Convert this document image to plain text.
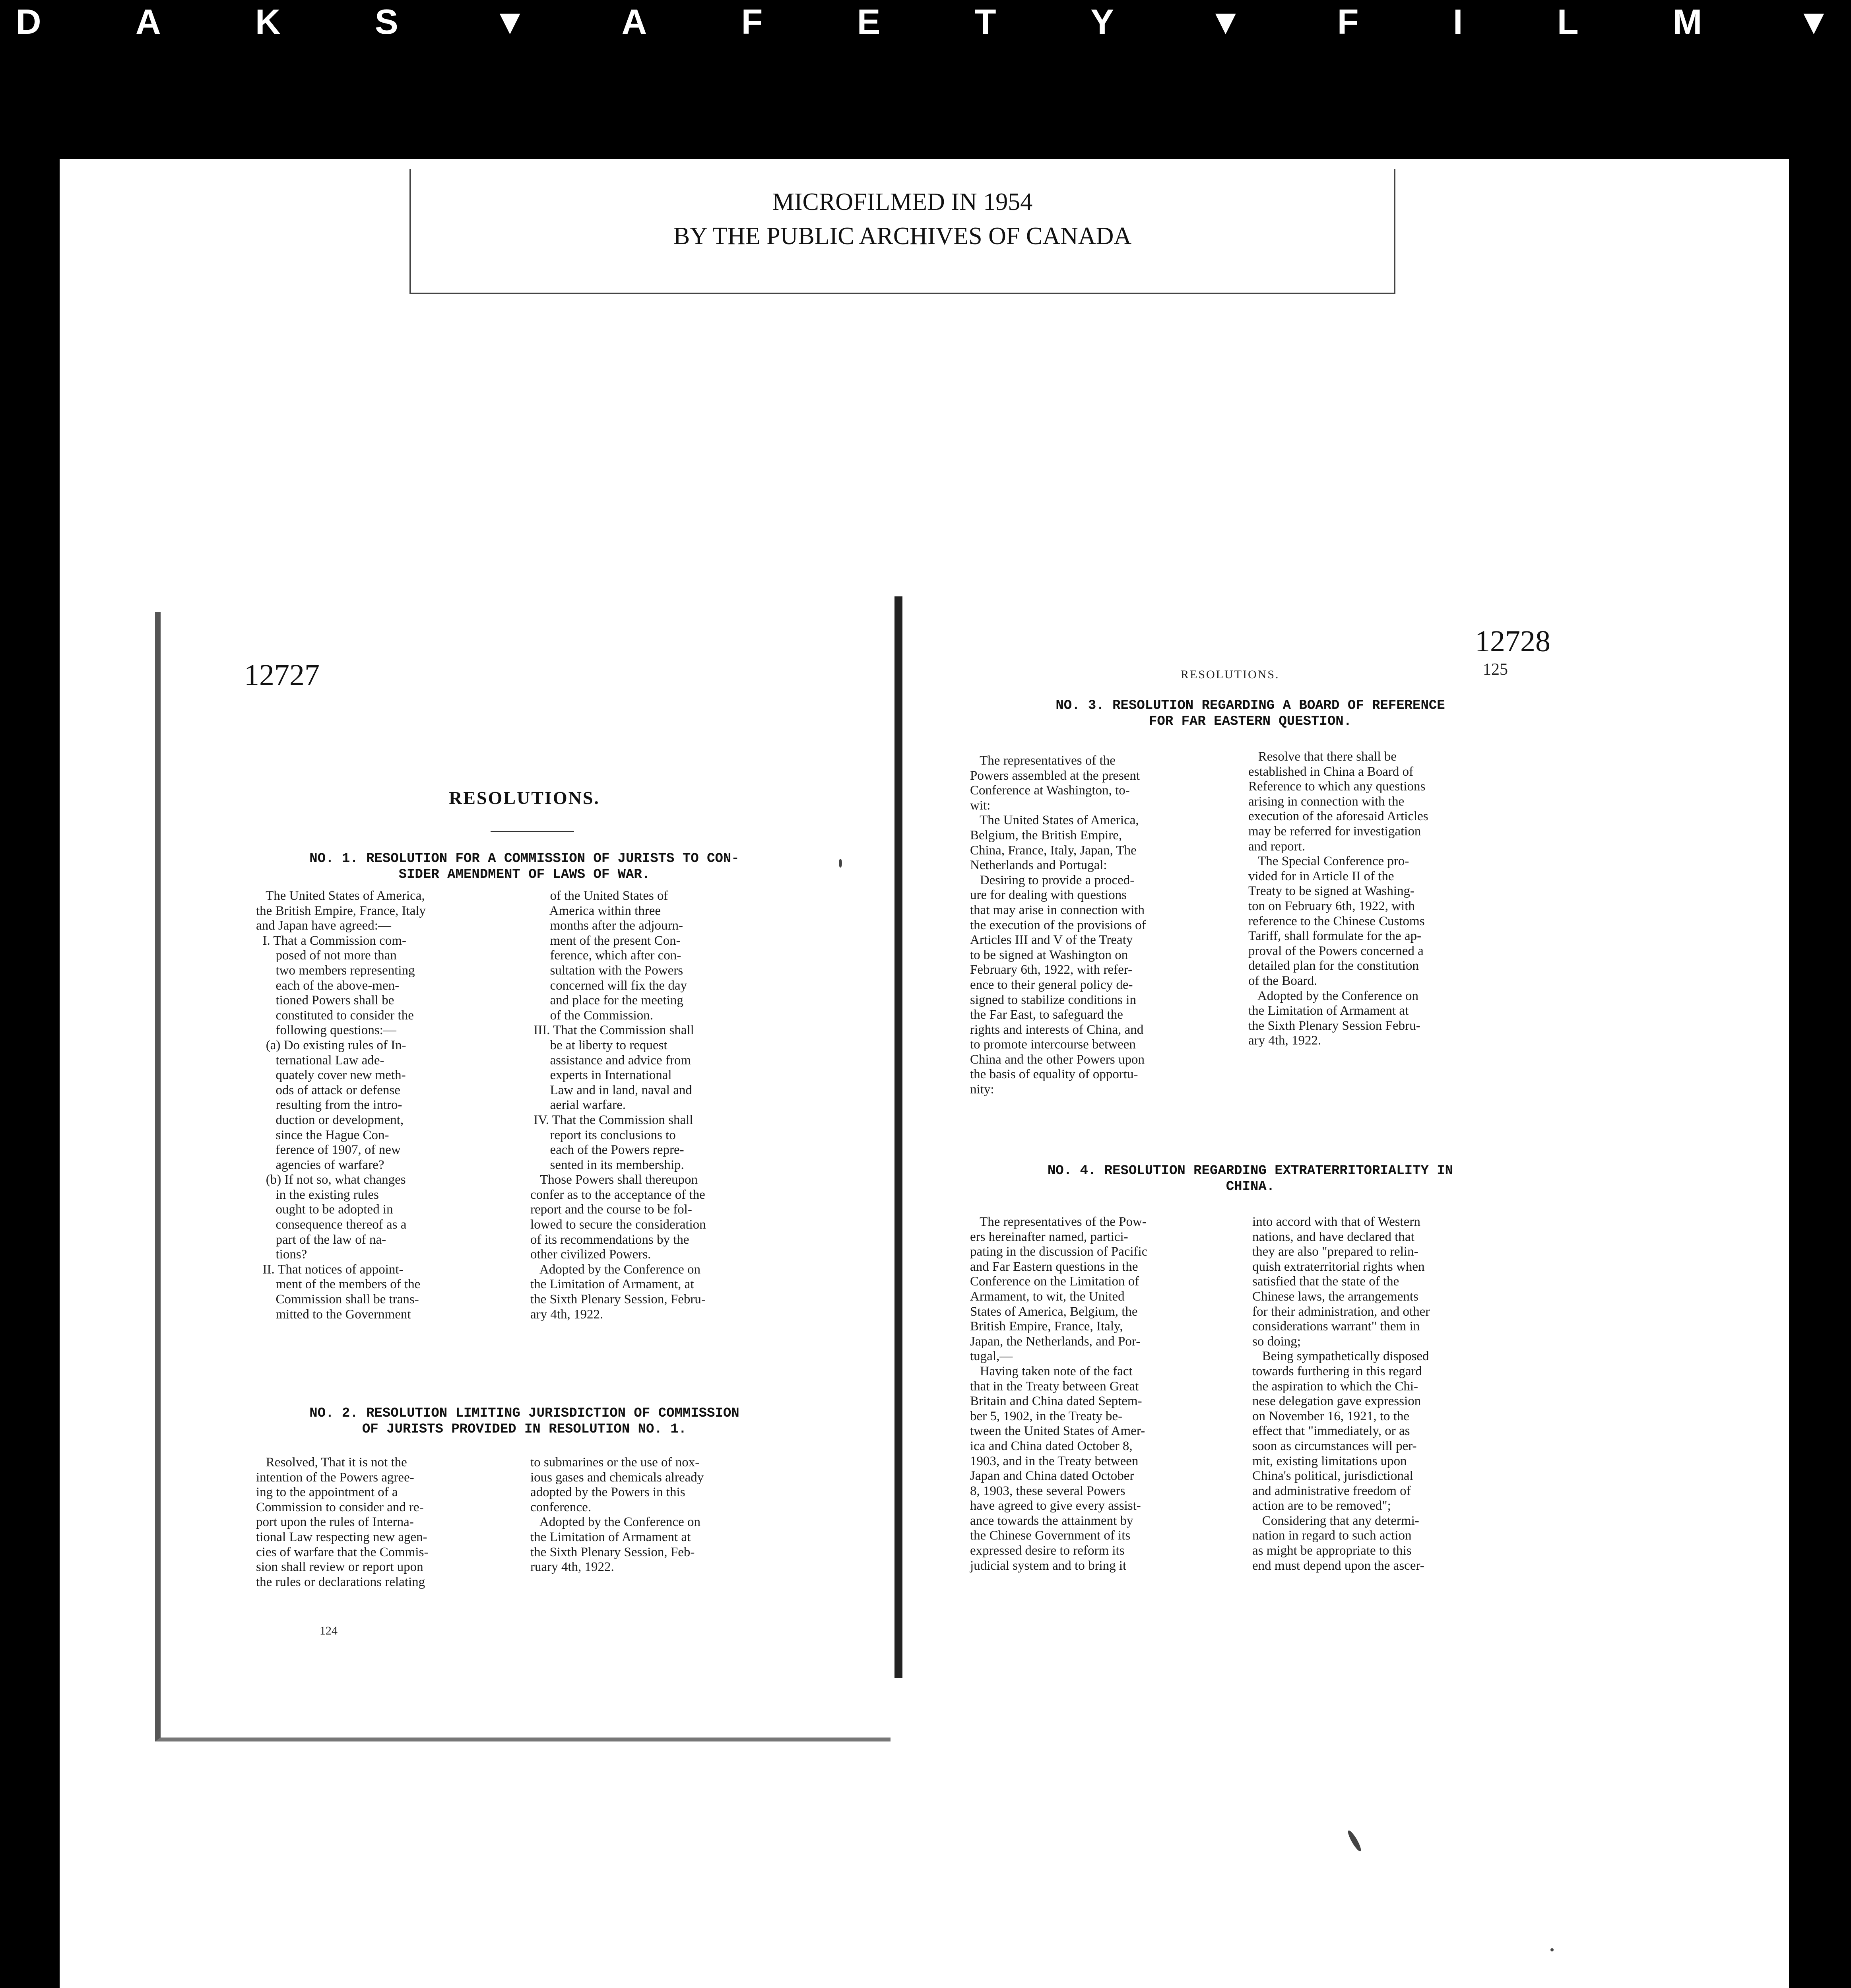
D	A	K	S	▼	A	F	E	T	Y	▼	F	I	L	M	▼
MICROFILMED IN 1954
BY THE PUBLIC ARCHIVES OF CANADA
12727
RESOLUTIONS.
NO. 1. RESOLUTION FOR A COMMISSION OF JURISTS TO CON-
SIDER AMENDMENT OF LAWS OF WAR.
The United States of America,
the British Empire, France, Italy
and Japan have agreed:—
I. That a Commission com-
posed of not more than
two members representing
each of the above-men-
tioned Powers shall be
constituted to consider the
following questions:—
(a) Do existing rules of In-
ternational Law ade-
quately cover new meth-
ods of attack or defense
resulting from the intro-
duction or development,
since the Hague Con-
ference of 1907, of new
agencies of warfare?
(b) If not so, what changes
in the existing rules
ought to be adopted in
consequence thereof as a
part of the law of na-
tions?
II. That notices of appoint-
ment of the members of the
Commission shall be trans-
mitted to the Government
of the United States of
America within three
months after the adjourn-
ment of the present Con-
ference, which after con-
sultation with the Powers
concerned will fix the day
and place for the meeting
of the Commission.
III. That the Commission shall
be at liberty to request
assistance and advice from
experts in International
Law and in land, naval and
aerial warfare.
IV. That the Commission shall
report its conclusions to
each of the Powers repre-
sented in its membership.
Those Powers shall thereupon
confer as to the acceptance of the
report and the course to be fol-
lowed to secure the consideration
of its recommendations by the
other civilized Powers.
Adopted by the Conference on
the Limitation of Armament, at
the Sixth Plenary Session, Febru-
ary 4th, 1922.
NO. 2. RESOLUTION LIMITING JURISDICTION OF COMMISSION
OF JURISTS PROVIDED IN RESOLUTION NO. 1.
Resolved, That it is not the
intention of the Powers agree-
ing to the appointment of a
Commission to consider and re-
port upon the rules of Interna-
tional Law respecting new agen-
cies of warfare that the Commis-
sion shall review or report upon
the rules or declarations relating
to submarines or the use of nox-
ious gases and chemicals already
adopted by the Powers in this
conference.
Adopted by the Conference on
the Limitation of Armament at
the Sixth Plenary Session, Feb-
ruary 4th, 1922.
124
12728
RESOLUTIONS.	125
NO. 3. RESOLUTION REGARDING A BOARD OF REFERENCE
FOR FAR EASTERN QUESTION.
The representatives of the
Powers assembled at the present
Conference at Washington, to-
wit:
The United States of America,
Belgium, the British Empire,
China, France, Italy, Japan, The
Netherlands and Portugal:
Desiring to provide a proced-
ure for dealing with questions
that may arise in connection with
the execution of the provisions of
Articles III and V of the Treaty
to be signed at Washington on
February 6th, 1922, with refer-
ence to their general policy de-
signed to stabilize conditions in
the Far East, to safeguard the
rights and interests of China, and
to promote intercourse between
China and the other Powers upon
the basis of equality of opportu-
nity:
Resolve that there shall be
established in China a Board of
Reference to which any questions
arising in connection with the
execution of the aforesaid Articles
may be referred for investigation
and report.
The Special Conference pro-
vided for in Article II of the
Treaty to be signed at Washing-
ton on February 6th, 1922, with
reference to the Chinese Customs
Tariff, shall formulate for the ap-
proval of the Powers concerned a
detailed plan for the constitution
of the Board.
Adopted by the Conference on
the Limitation of Armament at
the Sixth Plenary Session Febru-
ary 4th, 1922.
NO. 4. RESOLUTION REGARDING EXTRATERRITORIALITY IN
CHINA.
The representatives of the Pow-
ers hereinafter named, partici-
pating in the discussion of Pacific
and Far Eastern questions in the
Conference on the Limitation of
Armament, to wit, the United
States of America, Belgium, the
British Empire, France, Italy,
Japan, the Netherlands, and Por-
tugal,—
Having taken note of the fact
that in the Treaty between Great
Britain and China dated Septem-
ber 5, 1902, in the Treaty be-
tween the United States of Amer-
ica and China dated October 8,
1903, and in the Treaty between
Japan and China dated October
8, 1903, these several Powers
have agreed to give every assist-
ance towards the attainment by
the Chinese Government of its
expressed desire to reform its
judicial system and to bring it
into accord with that of Western
nations, and have declared that
they are also "prepared to relin-
quish extraterritorial rights when
satisfied that the state of the
Chinese laws, the arrangements
for their administration, and other
considerations warrant" them in
so doing;
Being sympathetically disposed
towards furthering in this regard
the aspiration to which the Chi-
nese delegation gave expression
on November 16, 1921, to the
effect that "immediately, or as
soon as circumstances will per-
mit, existing limitations upon
China's political, jurisdictional
and administrative freedom of
action are to be removed";
Considering that any determi-
nation in regard to such action
as might be appropriate to this
end must depend upon the ascer-
